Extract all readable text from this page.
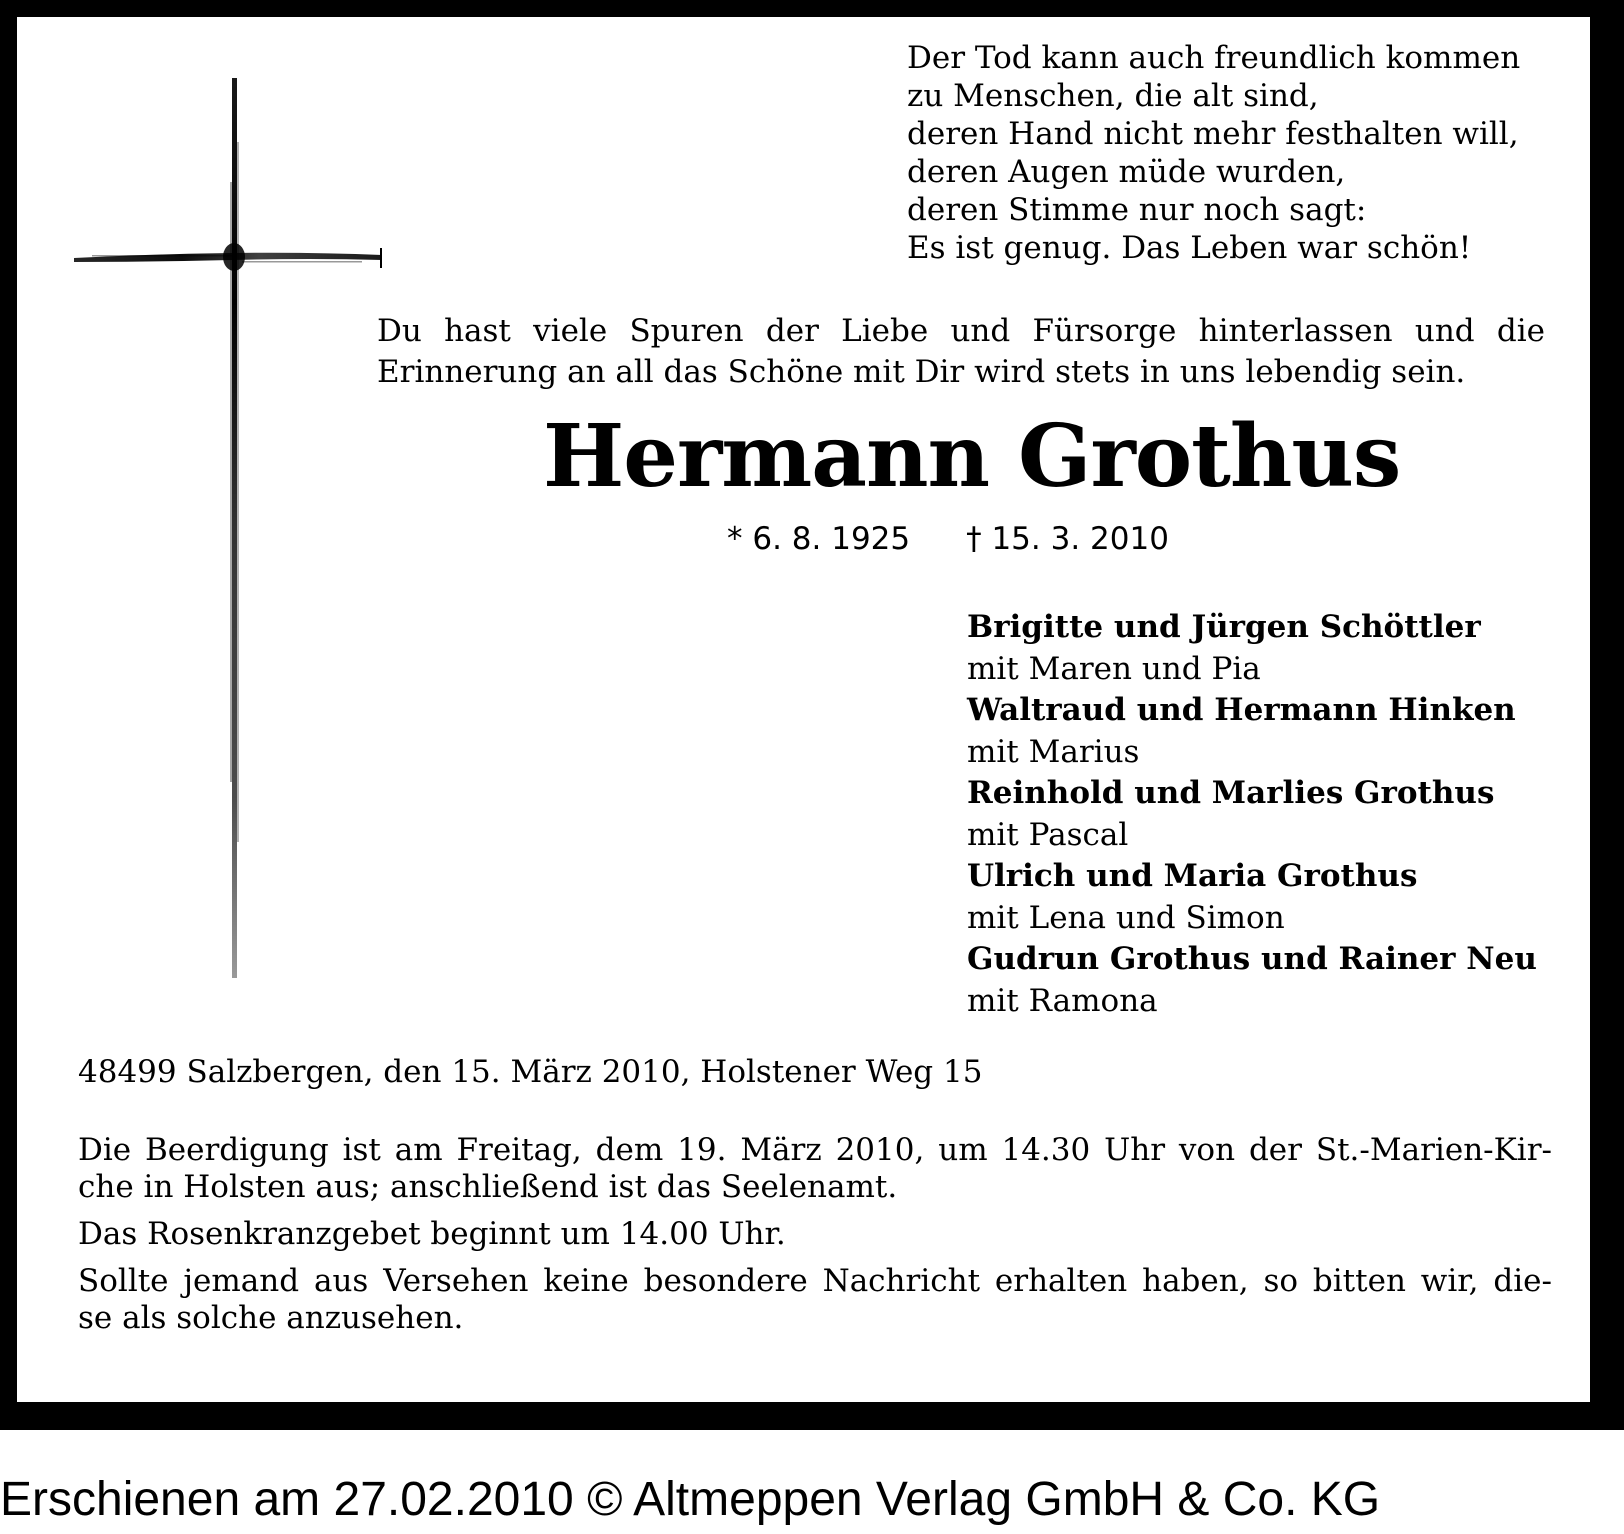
Der Tod kann auch freundlich kommen
zu Menschen, die alt sind,
deren Hand nicht mehr festhalten will,
deren Augen müde wurden,
deren Stimme nur noch sagt:
Es ist genug. Das Leben war schön!
Du hast viele Spuren der Liebe und Fürsorge hinterlassen und die
Erinnerung an all das Schöne mit Dir wird stets in uns lebendig sein.
Hermann Grothus
* 6. 8. 1925 † 15. 3. 2010
Brigitte und Jürgen Schöttler
mit Maren und Pia
Waltraud und Hermann Hinken
mit Marius
Reinhold und Marlies Grothus
mit Pascal
Ulrich und Maria Grothus
mit Lena und Simon
Gudrun Grothus und Rainer Neu
mit Ramona
48499 Salzbergen, den 15. März 2010, Holstener Weg 15
Die Beerdigung ist am Freitag, dem 19. März 2010, um 14.30 Uhr von der St.-Marien-Kir-
che in Holsten aus; anschließend ist das Seelenamt.
Das Rosenkranzgebet beginnt um 14.00 Uhr.
Sollte jemand aus Versehen keine besondere Nachricht erhalten haben, so bitten wir, die-
se als solche anzusehen.
Erschienen am 27.02.2010 © Altmeppen Verlag GmbH & Co. KG
